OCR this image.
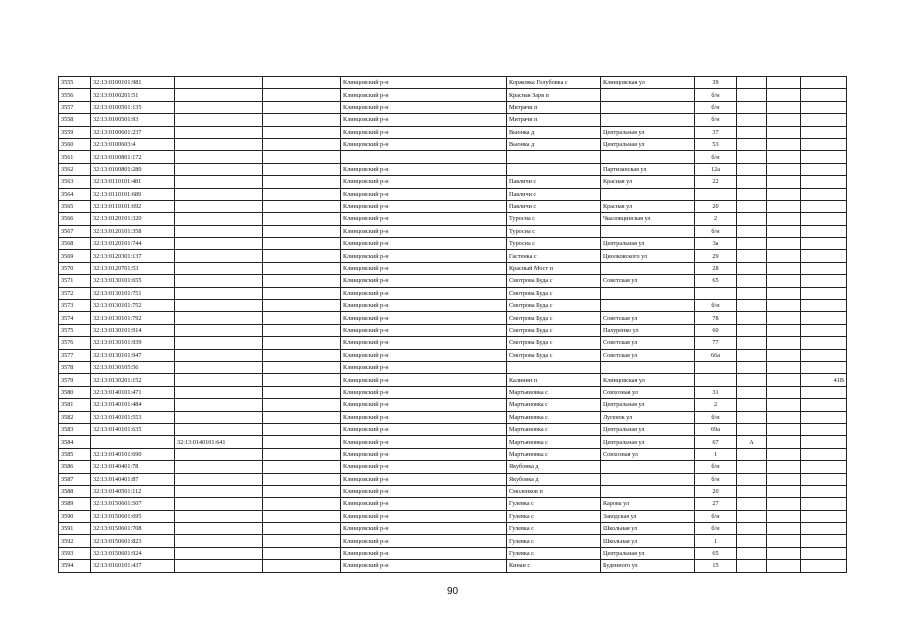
3555	32:13:0100101:981			Клинцовский р-н		Коржовка Голубовка с	Клинцовская ул	39			
3556	32:13:0100201:51			Клинцовский р-н		Красная Заря п		б/н			
3557	32:13:0100501:135			Клинцовский р-н		Митрачи п		б/н			
3558	32:13:0100501:93			Клинцовский р-н		Митрачи п		б/н			
3559	32:13:0100601:237			Клинцовский р-н		Вьюнка д	Центральная ул	37			
3560	32:13:0100603:4			Клинцовский р-н		Вьюнка д	Центральная ул	53			
3561	32:13:0100801:172							б/н			
3562	32:13:0100801:280			Клинцовский р-н			Партизанская ул	12а			
3563	32:13:0110101:481			Клинцовский р-н		Павличи с	Красная ул	22			
3564	32:13:0110101:689			Клинцовский р-н		Павличи с					
3565	32:13:0110101:692			Клинцовский р-н		Павличи с	Красная ул	20			
3566	32:13:0120101:320			Клинцовский р-н		Туросна с	Чкаловцинская ул	2			
3567	32:13:0120101:358			Клинцовский р-н		Туросна с		б/н			
3568	32:13:0120101:744			Клинцовский р-н		Туросна с	Центральная ул	3а			
3569	32:13:0120301:137			Клинцовский р-н		Гастенка с	Циолковского ул	29			
3570	32:13:0120701:53			Клинцовский р-н		Красный Мост п		28			
3571	32:13:0130101:655			Клинцовский р-н		Смотрова Буда с	Советская ул	65			
3572	32:13:0130101:751			Клинцовский р-н		Смотрова Буда с					
3573	32:13:0130101:752			Клинцовский р-н		Смотрова Буда с		б/н			
3574	32:13:0130101:792			Клинцовский р-н		Смотрова Буда с	Советская ул	78			
3575	32:13:0130101:914			Клинцовский р-н		Смотрова Буда с	Пахуренко ул	60			
3576	32:13:0130101:939			Клинцовский р-н		Смотрова Буда с	Советская ул	77			
3577	32:13:0130101:947			Клинцовский р-н		Смотрова Буда с	Советская ул	66а			
3578	32:13:0130105:56			Клинцовский р-н							
3579	32:13:0130201:152			Клинцовский р-н		Калинин п	Клинцовская ул				41В
3580	32:13:0140101:471			Клинцовский р-н		Мартьяновка с	Совхозная ул	31			
3581	32:13:0140101:484			Клинцовский р-н		Мартьяновка с	Центральная ул	2			
3582	32:13:0140101:553			Клинцовский р-н		Мартьяновка с	Лугенок ул	б/н			
3583	32:13:0140101:635			Клинцовский р-н		Мартьяновка с	Центральная ул	69а			
3584		32:13:0140101:641		Клинцовский р-н		Мартьяновка с	Центральная ул	67	А		
3585	32:13:0140101:690			Клинцовский р-н		Мартьяновка с	Совхозная ул	1			
3586	32:13:0140401:78			Клинцовский р-н		Якубовка д		б/н			
3587	32:13:0140401:87			Клинцовский р-н		Якубовка д		б/н			
3588	32:13:0140501:112			Клинцовский р-н		Смоленков п		20			
3589	32:13:0150601:507			Клинцовский р-н		Гулевка с	Карова ул	27			
3590	32:13:0150601:695			Клинцовский р-н		Гулевка с	Заводская ул	б/н			
3591	32:13:0150601:708			Клинцовский р-н		Гулевка с	Школьная ул	б/н			
3592	32:13:0150601:823			Клинцовский р-н		Гулевка с	Школьная ул	1			
3593	32:13:0150601:924			Клинцовский р-н		Гулевка с	Центральная ул	65			
3594	32:13:0160101:437			Клинцовский р-н		Кинан с	Буденного ул	15			
90
